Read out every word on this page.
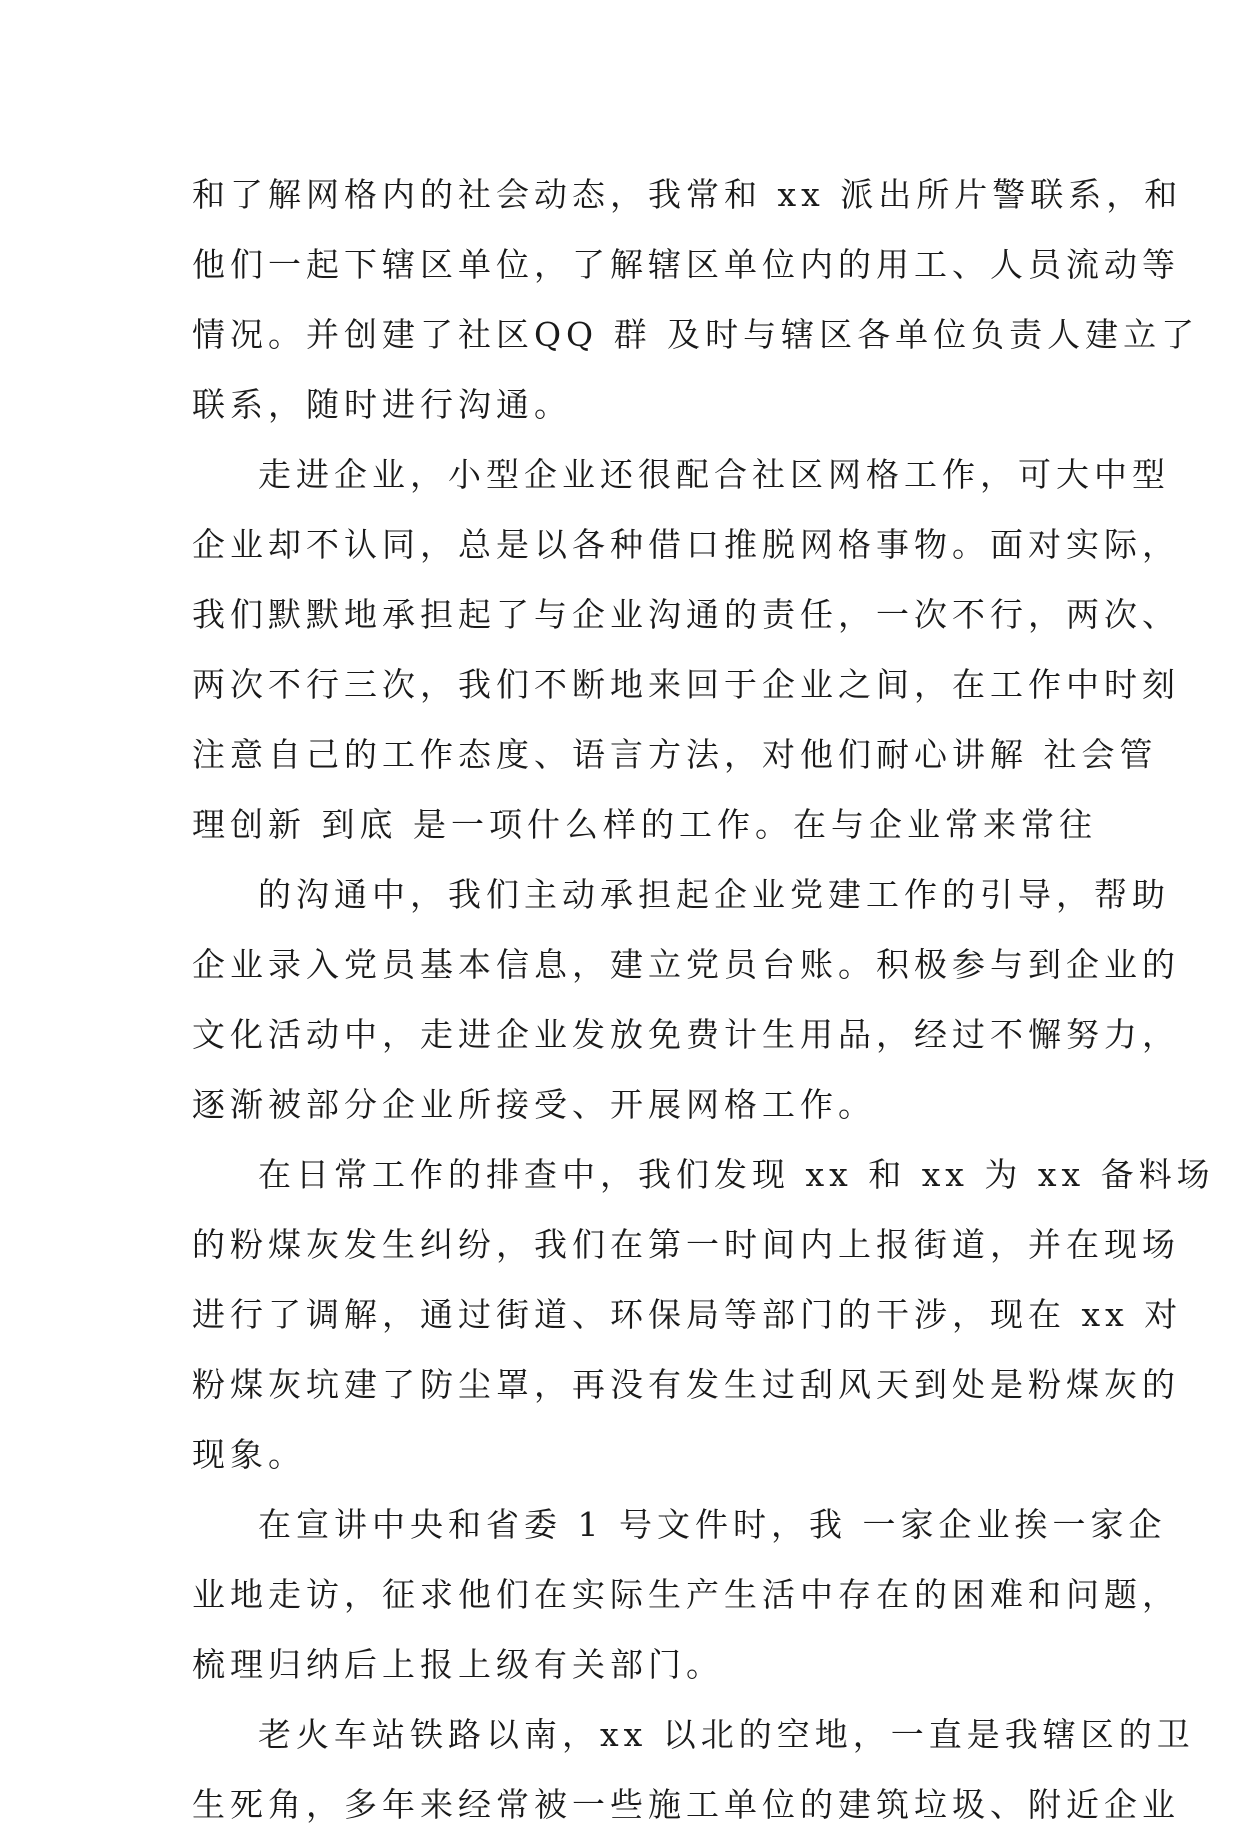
和了解网格内的社会动态，我常和 xx 派出所片警联系，和
他们一起下辖区单位，了解辖区单位内的用工、人员流动等
情况。并创建了社区QQ 群 及时与辖区各单位负责人建立了
联系，随时进行沟通。
走进企业，小型企业还很配合社区网格工作，可大中型
企业却不认同，总是以各种借口推脱网格事物。面对实际，
我们默默地承担起了与企业沟通的责任，一次不行，两次、
两次不行三次，我们不断地来回于企业之间，在工作中时刻
注意自己的工作态度、语言方法，对他们耐心讲解 社会管
理创新 到底 是一项什么样的工作。在与企业常来常往
的沟通中，我们主动承担起企业党建工作的引导，帮助
企业录入党员基本信息，建立党员台账。积极参与到企业的
文化活动中，走进企业发放免费计生用品，经过不懈努力，
逐渐被部分企业所接受、开展网格工作。
在日常工作的排查中，我们发现 xx 和 xx 为 xx 备料场
的粉煤灰发生纠纷，我们在第一时间内上报街道，并在现场
进行了调解，通过街道、环保局等部门的干涉，现在 xx 对
粉煤灰坑建了防尘罩，再没有发生过刮风天到处是粉煤灰的
现象。
在宣讲中央和省委 1 号文件时，我 一家企业挨一家企
业地走访，征求他们在实际生产生活中存在的困难和问题，
梳理归纳后上报上级有关部门。
老火车站铁路以南，xx 以北的空地，一直是我辖区的卫
生死角，多年来经常被一些施工单位的建筑垃圾、附近企业
